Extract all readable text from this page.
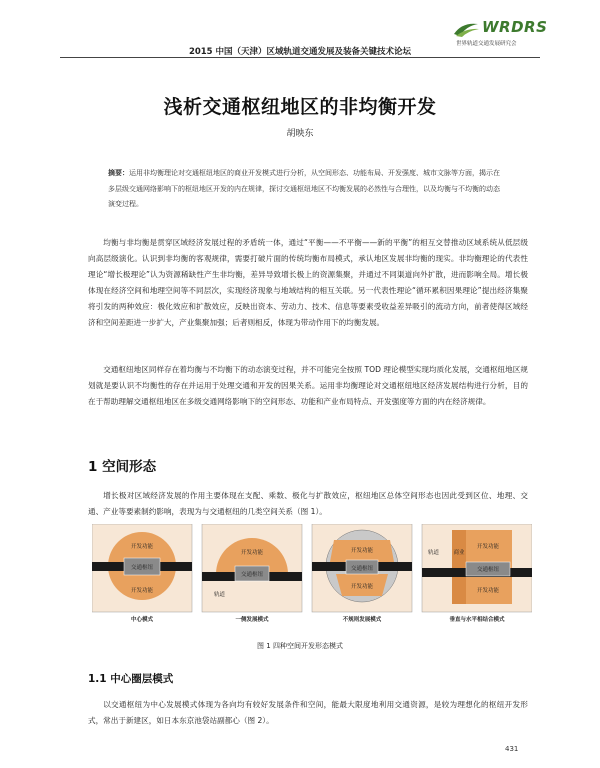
WRDRS
世界轨道交通发展研究会
2015 中国（天津）区域轨道交通发展及装备关键技术论坛
浅析交通枢纽地区的非均衡开发
胡映东
摘要：运用非均衡理论对交通枢纽地区的商业开发模式进行分析，从空间形态、功能布局、开发强度、城市文脉等方面，揭示在多层级交通网络影响下的枢纽地区开发的内在规律，探讨交通枢纽地区不均衡发展的必然性与合理性，以及均衡与不均衡的动态演变过程。

均衡与非均衡是贯穿区域经济发展过程的矛盾统一体，通过“平衡——不平衡——新的平衡”的相互交替推动区域系统从低层级向高层级演化。认识到非均衡的客观规律，需要打破片面的传统均衡布局模式，承认地区发展非均衡的现实。非均衡理论的代表性理论“增长极理论”认为资源稀缺性产生非均衡，差异导致增长极上的资源集聚，并通过不同渠道向外扩散，进而影响全局。增长极体现在经济空间和地理空间等不同层次，实现经济现象与地域结构的相互关联。另一代表性理论“循环累积因果理论”提出经济集聚将引发的两种效应：极化效应和扩散效应，反映出资本、劳动力、技术、信息等要素受收益差异吸引的流动方向，前者使得区域经济和空间差距进一步扩大，产业集聚加强；后者则相反，体现为带动作用下的均衡发展。

交通枢纽地区同样存在着均衡与不均衡下的动态演变过程，并不可能完全按照 TOD 理论模型实现均质化发展，交通枢纽地区规划就是要认识不均衡性的存在并运用于处理交通和开发的因果关系。运用非均衡理论对交通枢纽地区经济发展结构进行分析，目的在于帮助理解交通枢纽地区在多级交通网络影响下的空间形态、功能和产业布局特点、开发强度等方面的内在经济规律。

1 空间形态

增长极对区域经济发展的作用主要体现在支配、乘数、极化与扩散效应，枢纽地区总体空间形态也因此受到区位、地理、交通、产业等要素制约影响，表现为与交通枢纽的几类空间关系（图 1）。

交通枢纽
开发功能
开发功能
中心模式
交通枢纽
开发功能
轨道
一侧发展模式
交通枢纽
开发功能
开发功能
不规则发展模式
交通枢纽
开发功能
开发功能
商业
轨道
垂直与水平相结合模式
图 1 四种空间开发形态模式
1.1 中心圈层模式

以交通枢纽为中心发展模式体现为各向均有较好发展条件和空间，能最大限度地利用交通资源，是较为理想化的枢纽开发形式，常出于新建区，如日本东京池袋站副都心（图 2）。

431
